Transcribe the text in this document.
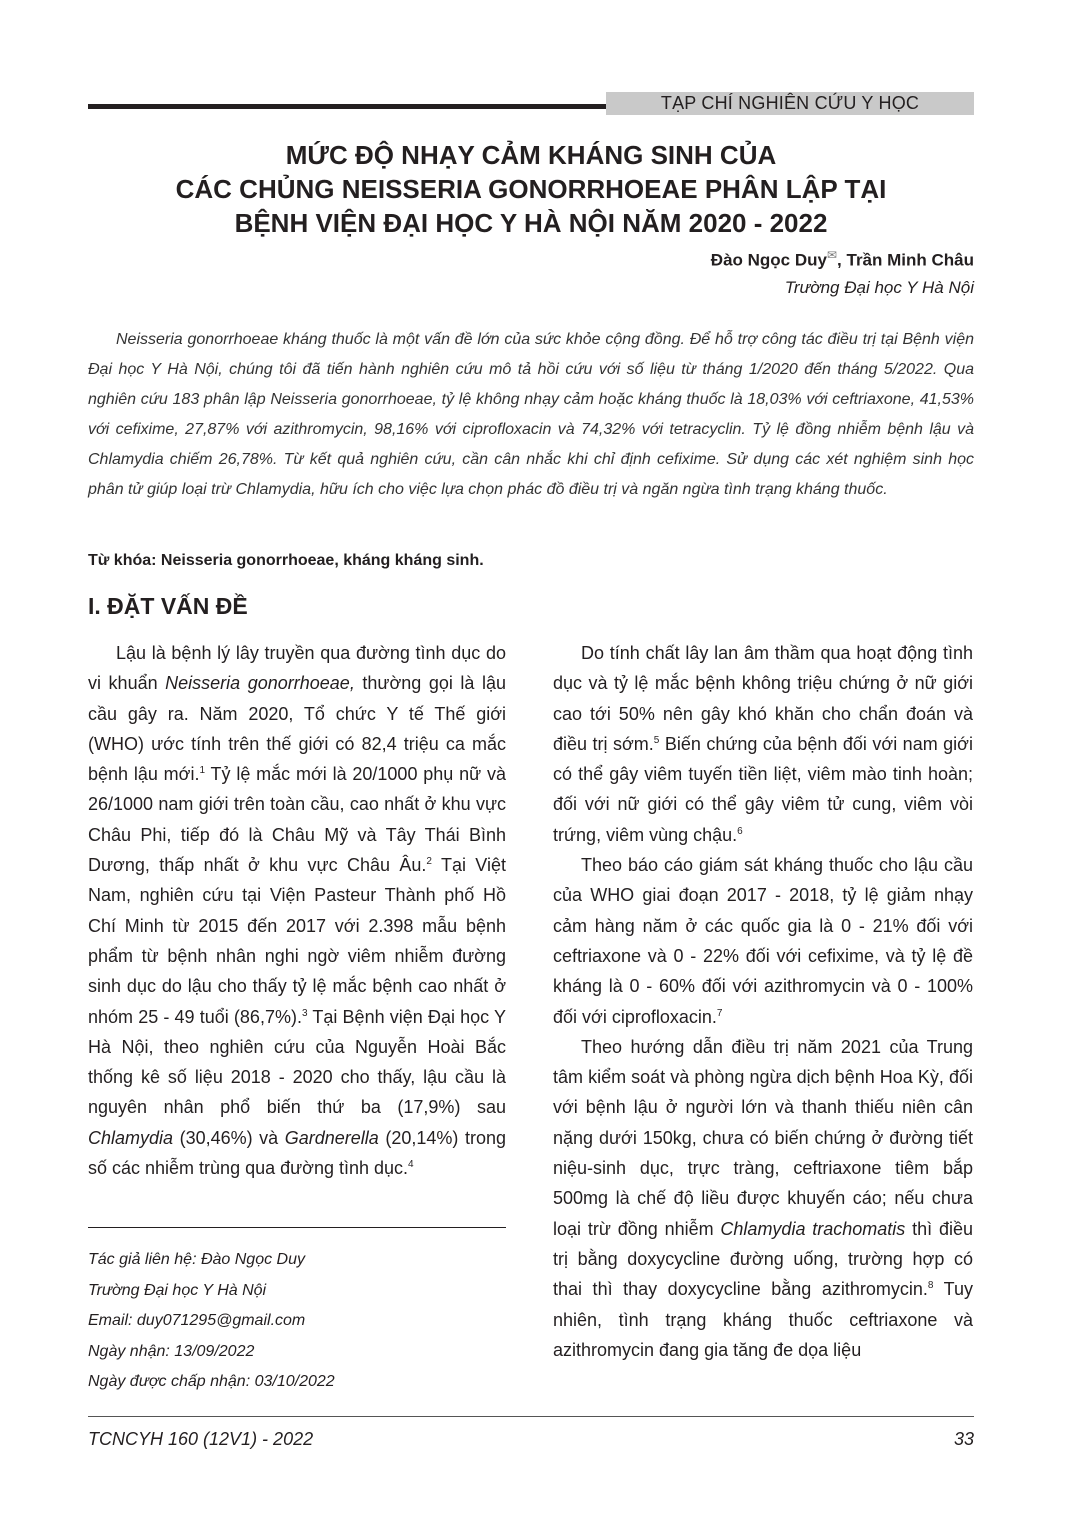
TẠP CHÍ NGHIÊN CỨU Y HỌC
MỨC ĐỘ NHẠY CẢM KHÁNG SINH CỦA
CÁC CHỦNG NEISSERIA GONORRHOEAE PHÂN LẬP TẠI
BỆNH VIỆN ĐẠI HỌC Y HÀ NỘI NĂM 2020 - 2022
Đào Ngọc Duy✉, Trần Minh Châu
Trường Đại học Y Hà Nội
Neisseria gonorrhoeae kháng thuốc là một vấn đề lớn của sức khỏe cộng đồng. Để hỗ trợ công tác điều trị tại Bệnh viện Đại học Y Hà Nội, chúng tôi đã tiến hành nghiên cứu mô tả hồi cứu với số liệu từ tháng 1/2020 đến tháng 5/2022. Qua nghiên cứu 183 phân lập Neisseria gonorrhoeae, tỷ lệ không nhạy cảm hoặc kháng thuốc là 18,03% với ceftriaxone, 41,53% với cefixime, 27,87% với azithromycin, 98,16% với ciprofloxacin và 74,32% với tetracyclin. Tỷ lệ đồng nhiễm bệnh lậu và Chlamydia chiếm 26,78%. Từ kết quả nghiên cứu, cần cân nhắc khi chỉ định cefixime. Sử dụng các xét nghiệm sinh học phân tử giúp loại trừ Chlamydia, hữu ích cho việc lựa chọn phác đồ điều trị và ngăn ngừa tình trạng kháng thuốc.
Từ khóa: Neisseria gonorrhoeae, kháng kháng sinh.
I. ĐẶT VẤN ĐỀ

Lậu là bệnh lý lây truyền qua đường tình dục do vi khuẩn Neisseria gonorrhoeae, thường gọi là lậu cầu gây ra. Năm 2020, Tổ chức Y tế Thế giới (WHO) ước tính trên thế giới có 82,4 triệu ca mắc bệnh lậu mới.$^1$ Tỷ lệ mắc mới là 20/1000 phụ nữ và 26/1000 nam giới trên toàn cầu, cao nhất ở khu vực Châu Phi, tiếp đó là Châu Mỹ và Tây Thái Bình Dương, thấp nhất ở khu vực Châu Âu.$^2$ Tại Việt Nam, nghiên cứu tại Viện Pasteur Thành phố Hồ Chí Minh từ 2015 đến 2017 với 2.398 mẫu bệnh phẩm từ bệnh nhân nghi ngờ viêm nhiễm đường sinh dục do lậu cho thấy tỷ lệ mắc bệnh cao nhất ở nhóm 25 - 49 tuổi (86,7%).$^3$ Tại Bệnh viện Đại học Y Hà Nội, theo nghiên cứu của Nguyễn Hoài Bắc thống kê số liệu 2018 - 2020 cho thấy, lậu cầu là nguyên nhân phổ biến thứ ba (17,9%) sau Chlamydia (30,46%) và Gardnerella (20,14%) trong số các nhiễm trùng qua đường tình dục.$^4$

Tác giả liên hệ: Đào Ngọc Duy
Trường Đại học Y Hà Nội
Email: duy071295@gmail.com
Ngày nhận: 13/09/2022
Ngày được chấp nhận: 03/10/2022

Do tính chất lây lan âm thầm qua hoạt động tình dục và tỷ lệ mắc bệnh không triệu chứng ở nữ giới cao tới 50% nên gây khó khăn cho chẩn đoán và điều trị sớm.$^5$ Biến chứng của bệnh đối với nam giới có thể gây viêm tuyến tiền liệt, viêm mào tinh hoàn; đối với nữ giới có thể gây viêm tử cung, viêm vòi trứng, viêm vùng chậu.$^6$

Theo báo cáo giám sát kháng thuốc cho lậu cầu của WHO giai đoạn 2017 - 2018, tỷ lệ giảm nhạy cảm hàng năm ở các quốc gia là 0 - 21% đối với ceftriaxone và 0 - 22% đối với cefixime, và tỷ lệ đề kháng là 0 - 60% đối với azithromycin và 0 - 100% đối với ciprofloxacin.$^7$

Theo hướng dẫn điều trị năm 2021 của Trung tâm kiểm soát và phòng ngừa dịch bệnh Hoa Kỳ, đối với bệnh lậu ở người lớn và thanh thiếu niên cân nặng dưới 150kg, chưa có biến chứng ở đường tiết niệu-sinh dục, trực tràng, ceftriaxone tiêm bắp 500mg là chế độ liều được khuyến cáo; nếu chưa loại trừ đồng nhiễm Chlamydia trachomatis thì điều trị bằng doxycycline đường uống, trường hợp có thai thì thay doxycycline bằng azithromycin.$^8$ Tuy nhiên, tình trạng kháng thuốc ceftriaxone và azithromycin đang gia tăng đe dọa liệu

TCNCYH 160 (12V1) - 2022	33
